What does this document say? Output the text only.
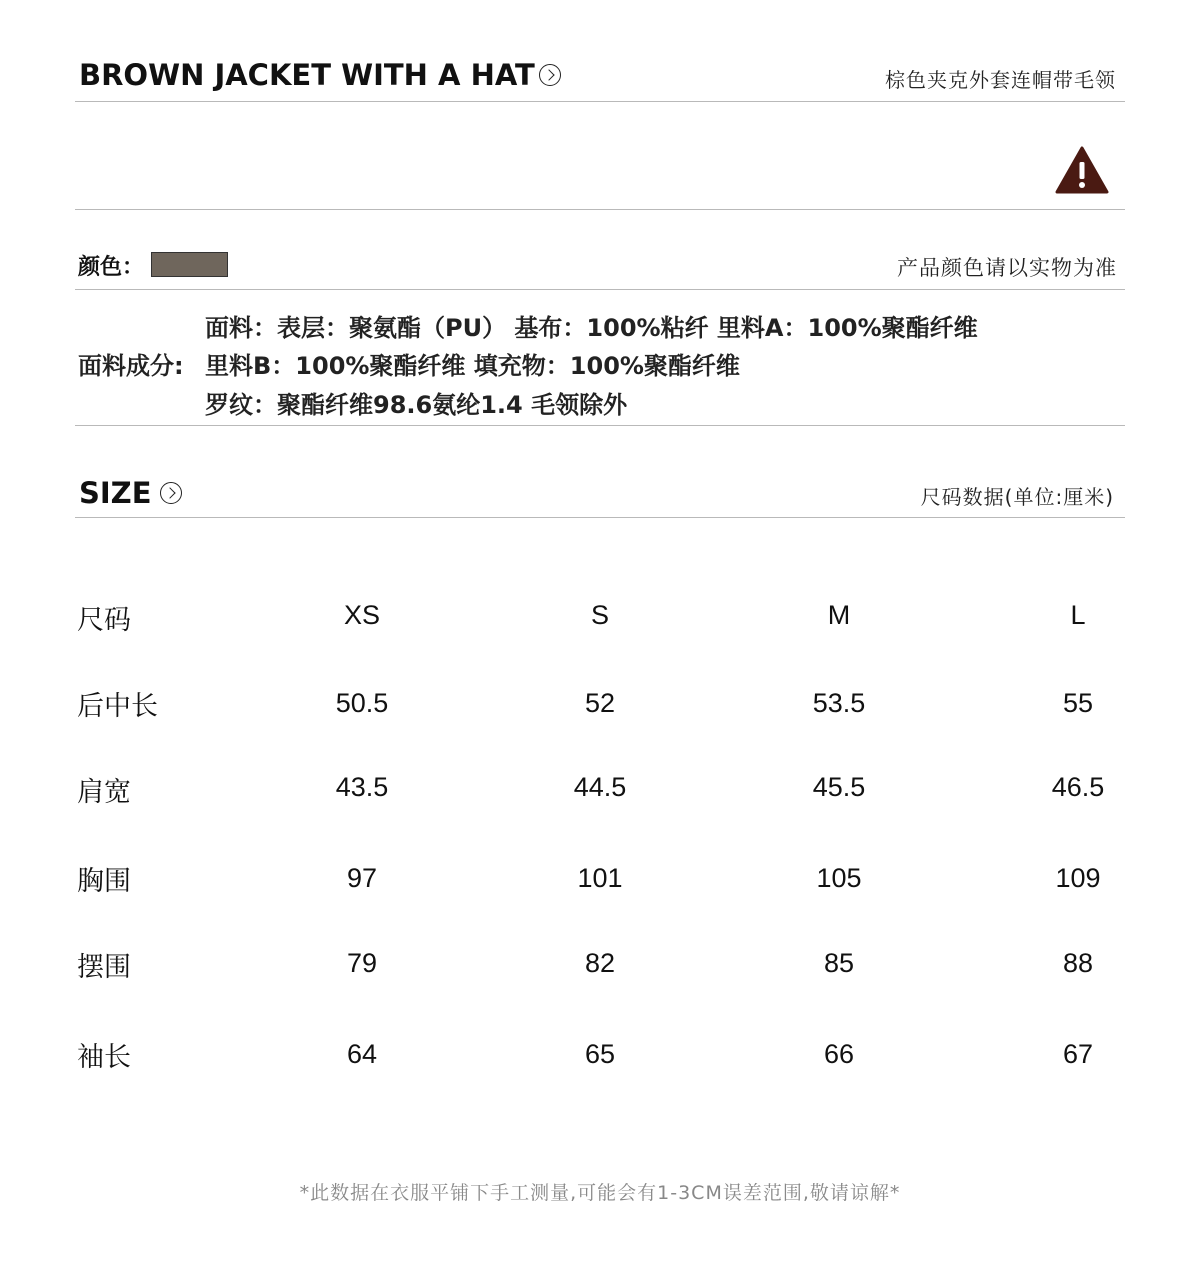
BROWN JACKET WITH A HAT	棕色夹克外套连帽带毛领
颜色：	产品颜色请以实物为准
面料成分:
面料：表层：聚氨酯（PU） 基布：100%粘纤 里料A：100%聚酯纤维
里料B：100%聚酯纤维 填充物：100%聚酯纤维
罗纹：聚酯纤维98.6氨纶1.4 毛领除外
SIZE	尺码数据(单位:厘米)
尺码	XS	S	M	L
后中长	50.5	52	53.5	55
肩宽	43.5	44.5	45.5	46.5
胸围	97	101	105	109
摆围	79	82	85	88
袖长	64	65	66	67
*此数据在衣服平铺下手工测量,可能会有1-3CM误差范围,敬请谅解*
